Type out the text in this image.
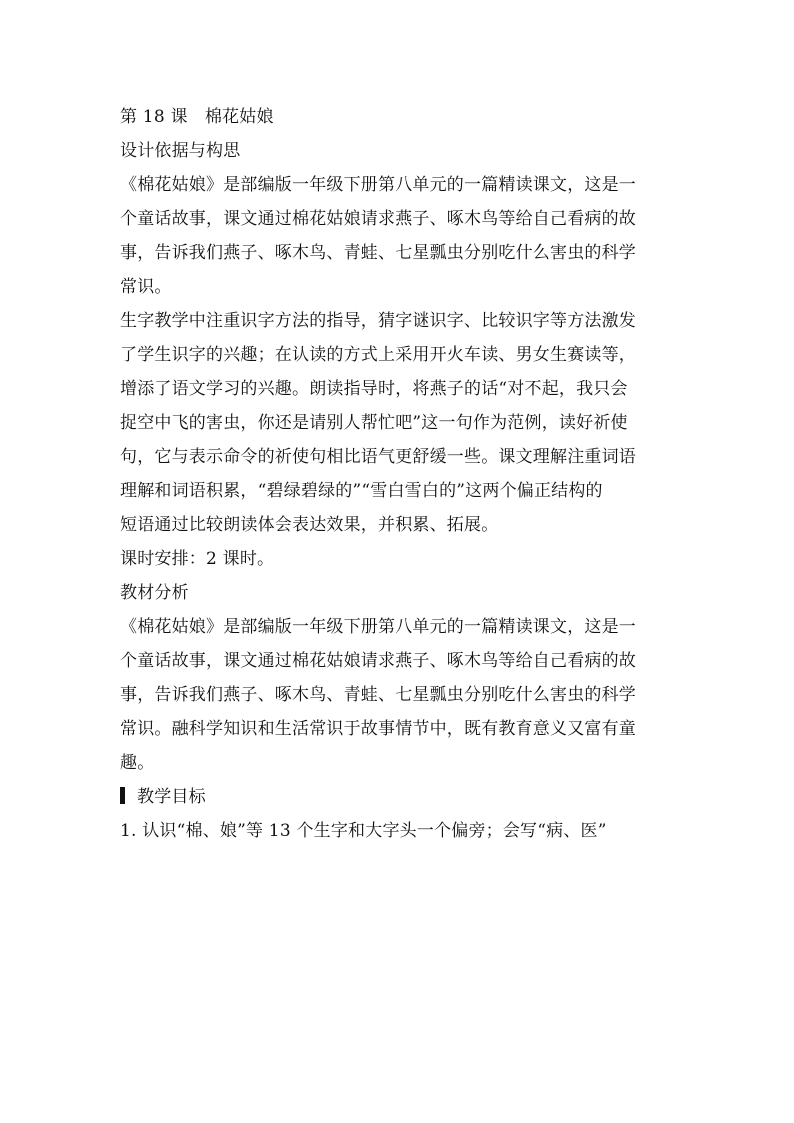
第 18 课　棉花姑娘
设计依据与构思
《棉花姑娘》是部编版一年级下册第八单元的一篇精读课文，这是一
个童话故事，课文通过棉花姑娘请求燕子、啄木鸟等给自己看病的故
事，告诉我们燕子、啄木鸟、青蛙、七星瓢虫分别吃什么害虫的科学
常识。
生字教学中注重识字方法的指导，猜字谜识字、比较识字等方法激发
了学生识字的兴趣；在认读的方式上采用开火车读、男女生赛读等，
增添了语文学习的兴趣。朗读指导时，将燕子的话“对不起，我只会
捉空中飞的害虫，你还是请别人帮忙吧”这一句作为范例，读好祈使
句，它与表示命令的祈使句相比语气更舒缓一些。课文理解注重词语
理解和词语积累，“碧绿碧绿的”“雪白雪白的”这两个偏正结构的
短语通过比较朗读体会表达效果，并积累、拓展。
课时安排：2 课时。
教材分析
《棉花姑娘》是部编版一年级下册第八单元的一篇精读课文，这是一
个童话故事，课文通过棉花姑娘请求燕子、啄木鸟等给自己看病的故
事，告诉我们燕子、啄木鸟、青蛙、七星瓢虫分别吃什么害虫的科学
常识。融科学知识和生活常识于故事情节中，既有教育意义又富有童
趣。
教学目标
1. 认识“棉、娘”等 13 个生字和大字头一个偏旁；会写“病、医”
